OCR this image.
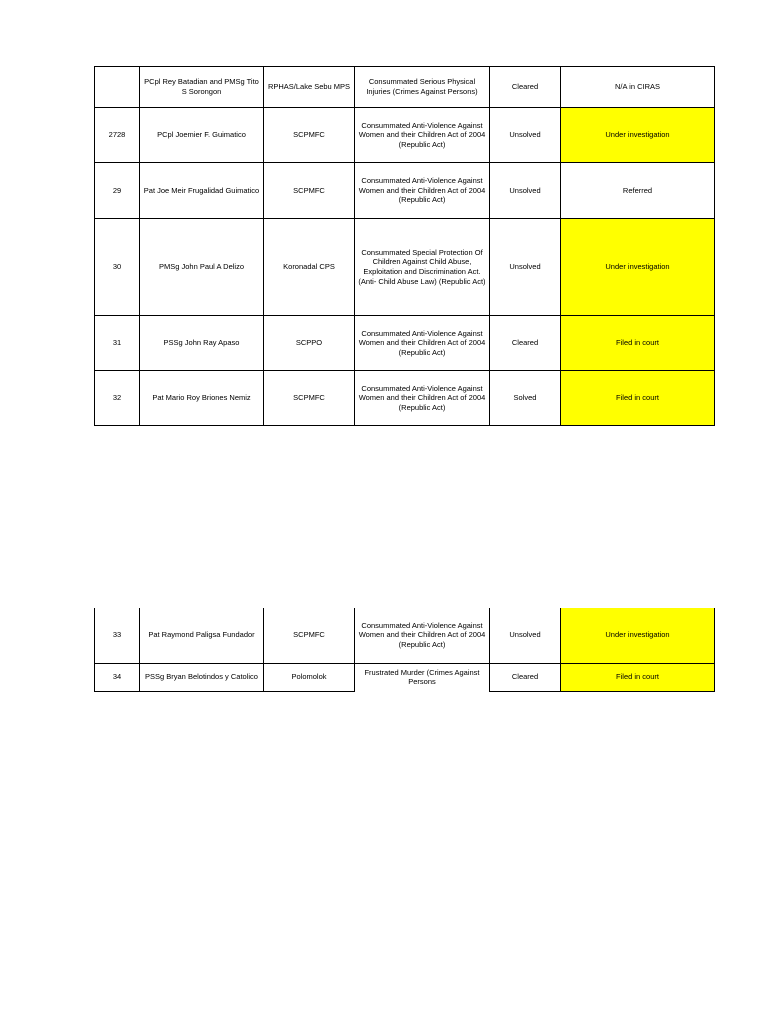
	PCpl Rey Batadian and PMSg Tito S Sorongon	RPHAS/Lake Sebu MPS	Consummated Serious Physical Injuries (Crimes Against Persons)	Cleared	N/A in CIRAS
2728	PCpl Joemier F. Guimatico	SCPMFC	Consummated Anti-Violence Against Women and their Children Act of 2004 (Republic Act)	Unsolved	Under investigation
29	Pat Joe Meir Frugalidad Guimatico	SCPMFC	Consummated Anti-Violence Against Women and their Children Act of 2004 (Republic Act)	Unsolved	Referred
30	PMSg John Paul A Delizo	Koronadal CPS	Consummated Special Protection Of Children Against Child Abuse, Exploitation and Discrimination Act. (Anti- Child Abuse Law) (Republic Act)	Unsolved	Under investigation
31	PSSg John Ray Apaso	SCPPO	Consummated Anti-Violence Against Women and their Children Act of 2004 (Republic Act)	Cleared	Filed in court
32	Pat Mario Roy Briones Nemiz	SCPMFC	Consummated Anti-Violence Against Women and their Children Act of 2004 (Republic Act)	Solved	Filed in court
33	Pat Raymond Paligsa Fundador	SCPMFC	Consummated Anti-Violence Against Women and their Children Act of 2004 (Republic Act)	Unsolved	Under investigation
34	PSSg Bryan Belotindos y Catolico	Polomolok	Frustrated Murder (Crimes Against Persons	Cleared	Filed in court
